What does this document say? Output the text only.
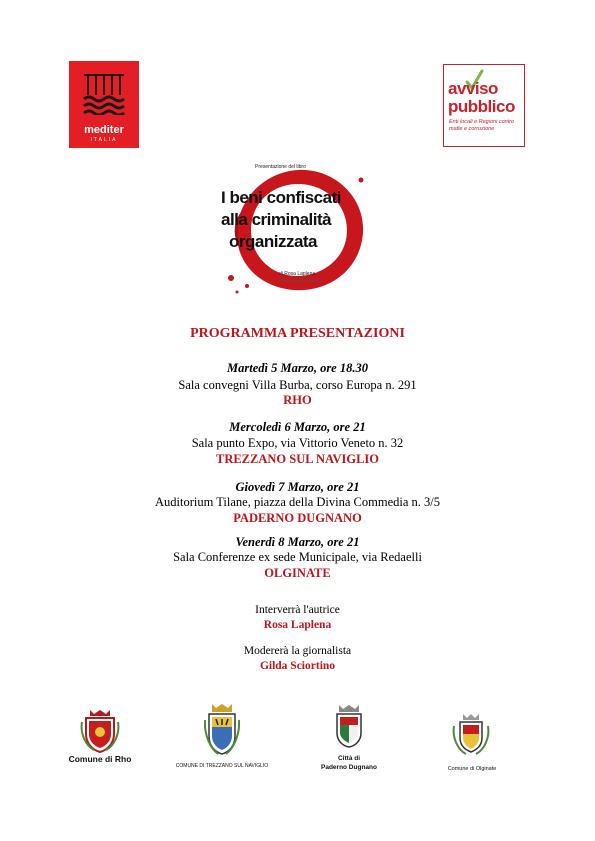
mediter
ITALIA
avviso
pubblico
Enti locali e Regioni contro mafie e corruzione
Presentazione del libro
I beni confiscati
alla criminalità
organizzata
di Rosa Laplena
Mediter Italia Edizioni
PROGRAMMA PRESENTAZIONI
Martedì 5 Marzo, ore 18.30
Sala convegni Villa Burba, corso Europa n. 291
RHO
Mercoledì 6 Marzo, ore 21
Sala punto Expo, via Vittorio Veneto n. 32
TREZZANO SUL NAVIGLIO
Giovedì 7 Marzo, ore 21
Auditorium Tilane, piazza della Divina Commedia n. 3/5
PADERNO DUGNANO
Venerdì 8 Marzo, ore 21
Sala Conferenze ex sede Municipale, via Redaelli
OLGINATE
Interverrà l'autrice
Rosa Laplena
Modererà la giornalista
Gilda Sciortino
Comune di Rho
COMUNE DI TREZZANO SUL NAVIGLIO
Città di
Paderno Dugnano	Comune di Olginate
